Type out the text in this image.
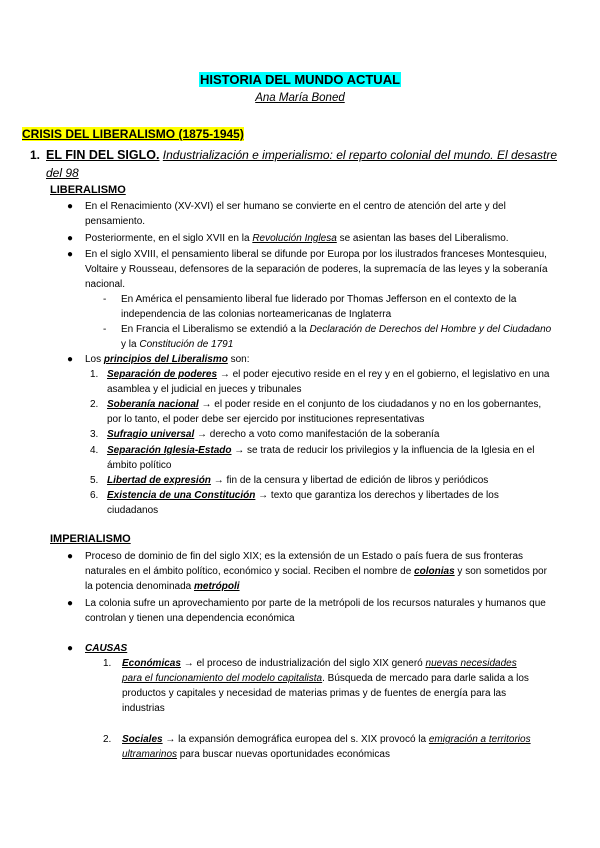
HISTORIA DEL MUNDO ACTUAL
Ana María Boned
CRISIS DEL LIBERALISMO (1875-1945)
1. EL FIN DEL SIGLO. Industrialización e imperialismo: el reparto colonial del mundo. El desastre del 98
LIBERALISMO
●	En el Renacimiento (XV-XVI) el ser humano se convierte en el centro de atención del arte y del pensamiento.
●	Posteriormente, en el siglo XVII en la Revolución Inglesa se asientan las bases del Liberalismo.
●	En el siglo XVIII, el pensamiento liberal se difunde por Europa por los ilustrados franceses Montesquieu, Voltaire y Rousseau, defensores de la separación de poderes, la supremacía de las leyes y la soberanía nacional.
-	En América el pensamiento liberal fue liderado por Thomas Jefferson en el contexto de la independencia de las colonias norteamericanas de Inglaterra
-	En Francia el Liberalismo se extendió a la Declaración de Derechos del Hombre y del Ciudadano y la Constitución de 1791
●	Los principios del Liberalismo son:
1. Separación de poderes → el poder ejecutivo reside en el rey y en el gobierno, el legislativo en una asamblea y el judicial en jueces y tribunales
2. Soberanía nacional → el poder reside en el conjunto de los ciudadanos y no en los gobernantes, por lo tanto, el poder debe ser ejercido por instituciones representativas
3. Sufragio universal → derecho a voto como manifestación de la soberanía
4. Separación Iglesia-Estado → se trata de reducir los privilegios y la influencia de la Iglesia en el ámbito político
5. Libertad de expresión → fin de la censura y libertad de edición de libros y periódicos
6. Existencia de una Constitución → texto que garantiza los derechos y libertades de los ciudadanos
IMPERIALISMO
●	Proceso de dominio de fin del siglo XIX; es la extensión de un Estado o país fuera de sus fronteras naturales en el ámbito político, económico y social. Reciben el nombre de colonias y son sometidos por la potencia denominada metrópoli
●	La colonia sufre un aprovechamiento por parte de la metrópoli de los recursos naturales y humanos que controlan y tienen una dependencia económica
●	CAUSAS
1.	Económicas → el proceso de industrialización del siglo XIX generó nuevas necesidades para el funcionamiento del modelo capitalista. Búsqueda de mercado para darle salida a los productos y capitales y necesidad de materias primas y de fuentes de energía para las industrias
2.	Sociales → la expansión demográfica europea del s. XIX provocó la emigración a territorios ultramarinos para buscar nuevas oportunidades económicas
